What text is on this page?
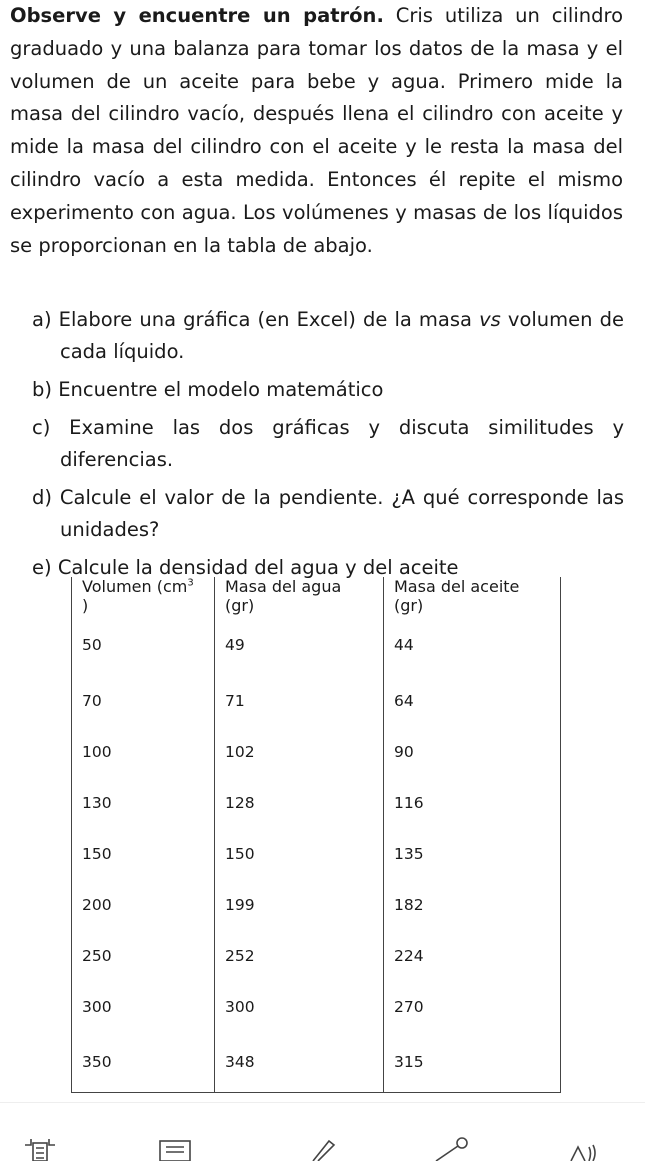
Observe y encuentre un patrón. Cris utiliza un cilindro graduado y una balanza para tomar los datos de la masa y el volumen de un aceite para bebe y agua. Primero mide la masa del cilindro vacío, después llena el cilindro con aceite y mide la masa del cilindro con el aceite y le resta la masa del cilindro vacío a esta medida. Entonces él repite el mismo experimento con agua. Los volúmenes y masas de los líquidos se proporcionan en la tabla de abajo.
a) Elabore una gráfica (en Excel) de la masa vs volumen de cada líquido.
b) Encuentre el modelo matemático
c) Examine las dos gráficas y discuta similitudes y diferencias.
d) Calcule el valor de la pendiente. ¿A qué corresponde las unidades?
e) Calcule la densidad del agua y del aceite
Volumen ($cm^3$ )	Masa del agua (gr)	Masa del aceite (gr)
50	49	44
70	71	64
100	102	90
130	128	116
150	150	135
200	199	182
250	252	224
300	300	270
350	348	315
